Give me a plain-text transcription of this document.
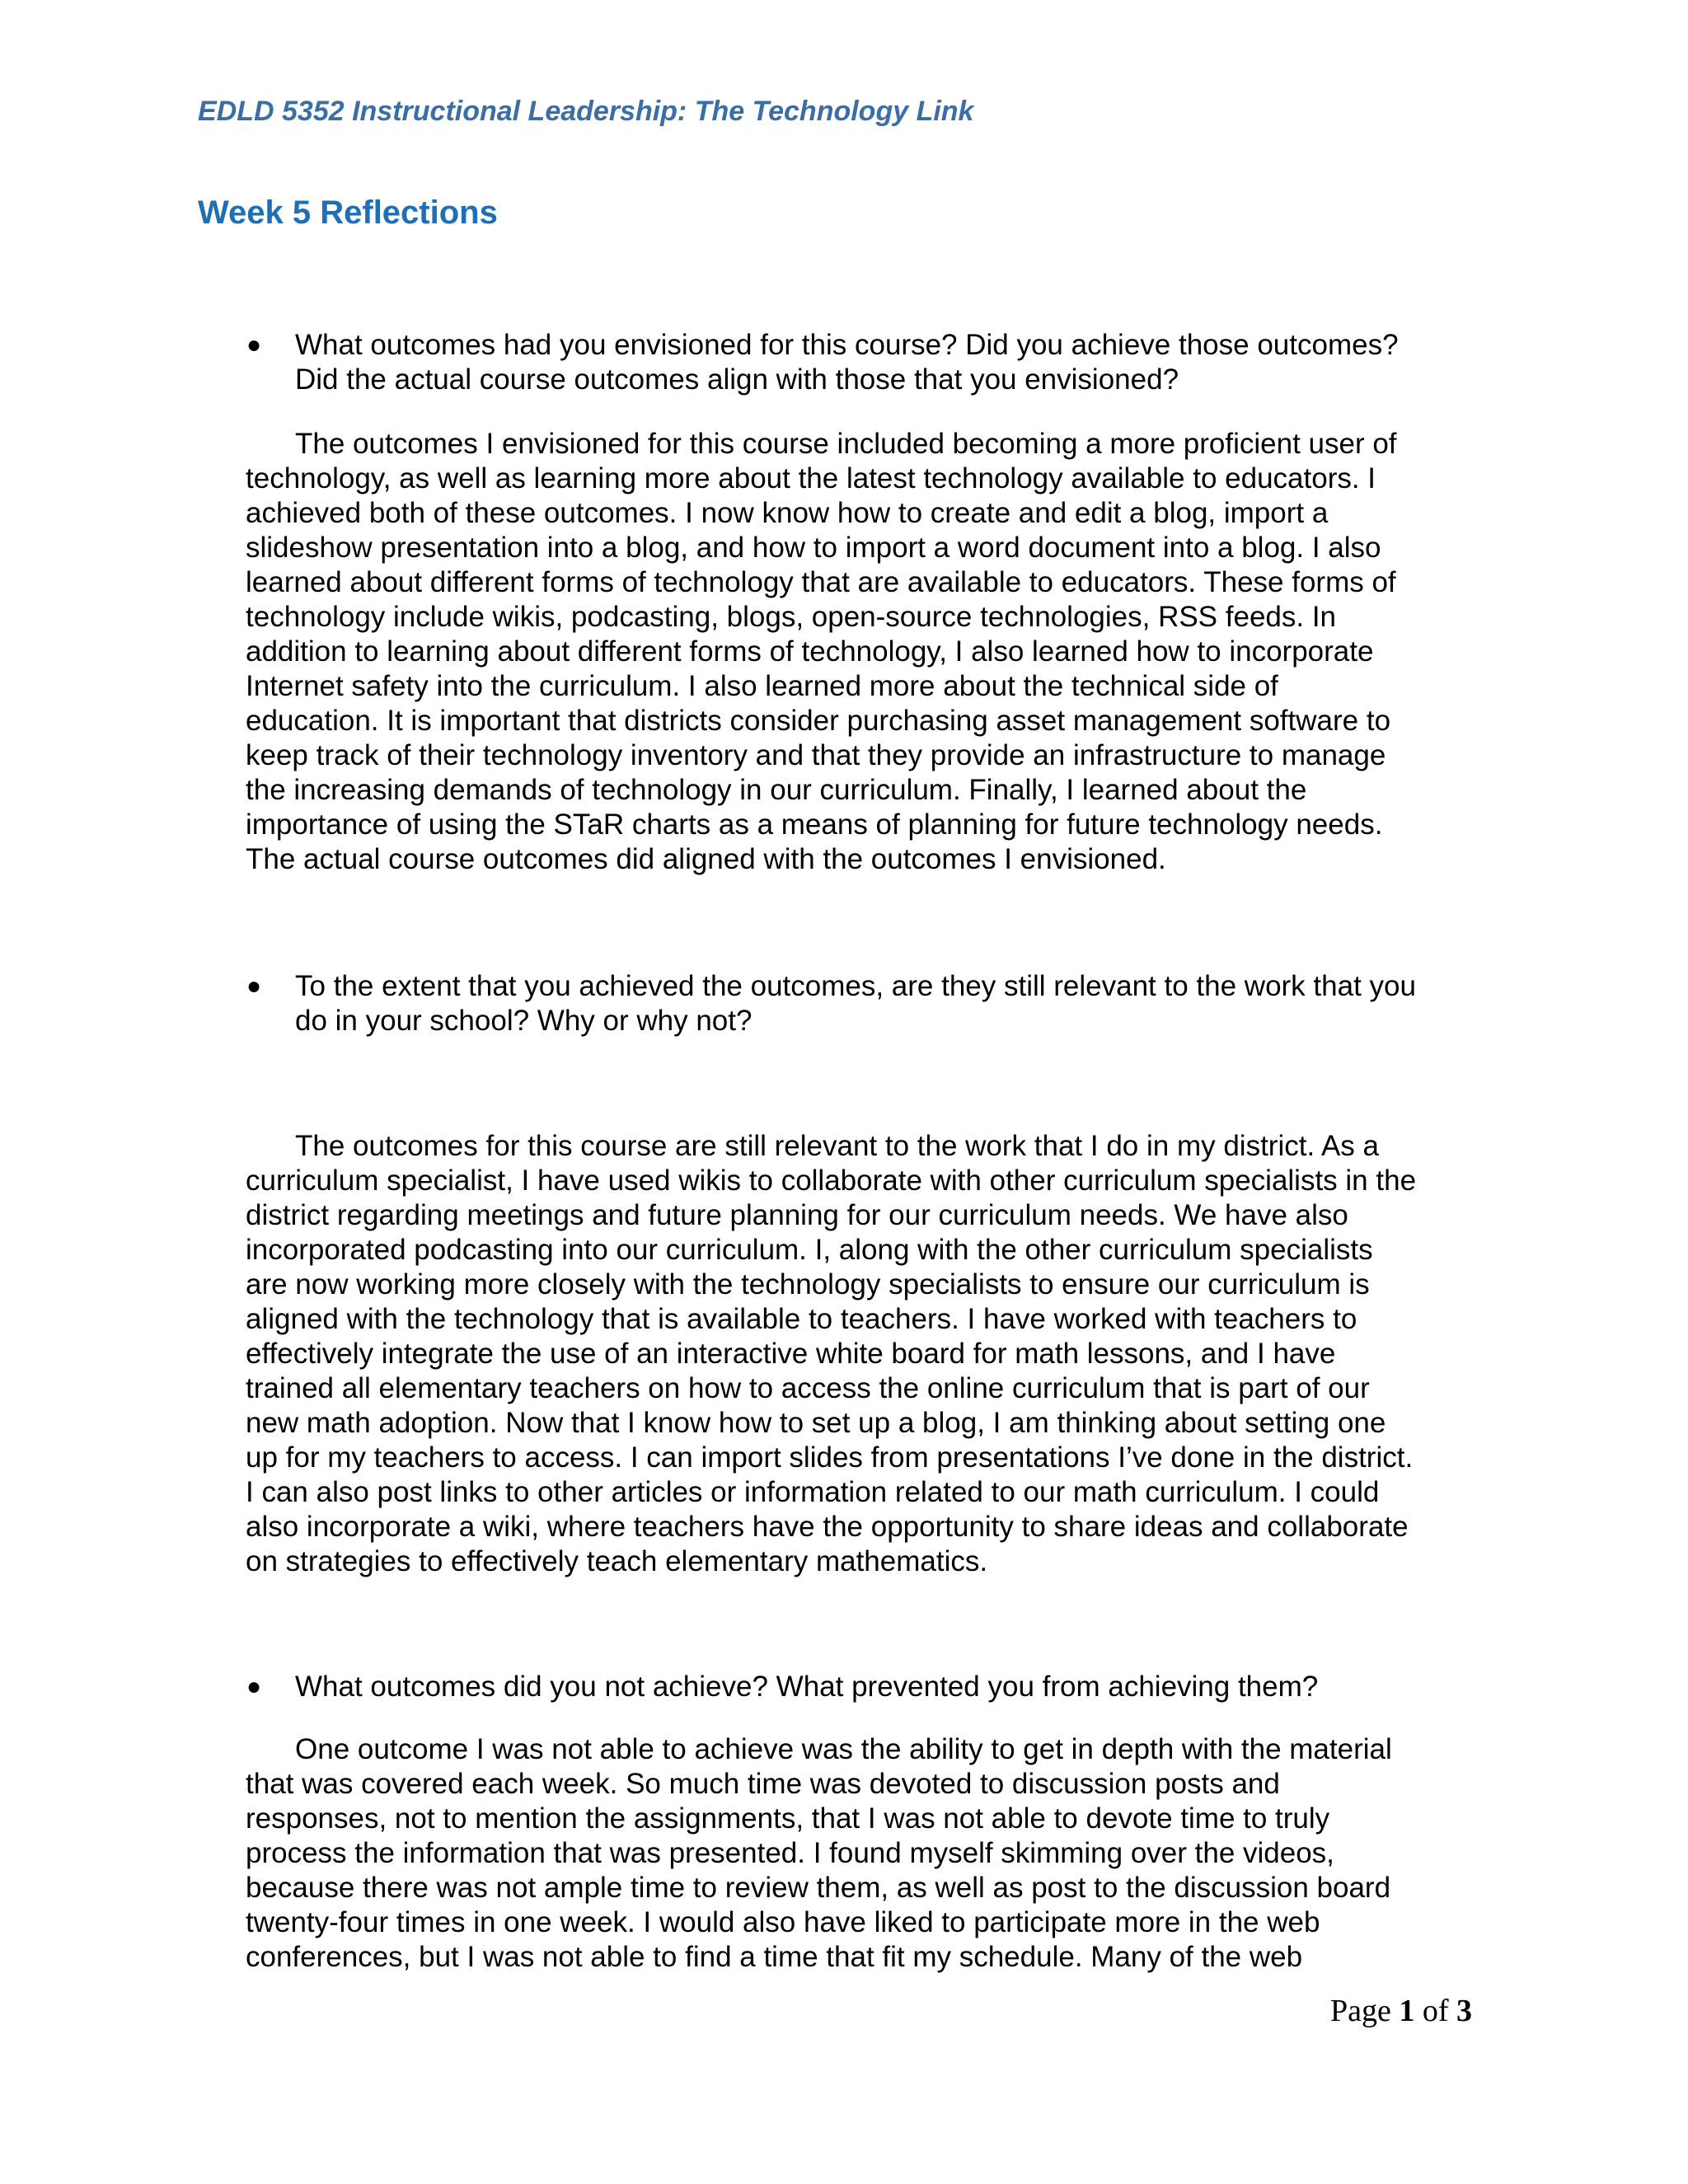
EDLD 5352 Instructional Leadership: The Technology Link
Week 5 Reflections
● What outcomes had you envisioned for this course? Did you achieve those outcomes?
Did the actual course outcomes align with those that you envisioned?
The outcomes I envisioned for this course included becoming a more proficient user of
technology, as well as learning more about the latest technology available to educators. I
achieved both of these outcomes. I now know how to create and edit a blog, import a
slideshow presentation into a blog, and how to import a word document into a blog. I also
learned about different forms of technology that are available to educators. These forms of
technology include wikis, podcasting, blogs, open-source technologies, RSS feeds. In
addition to learning about different forms of technology, I also learned how to incorporate
Internet safety into the curriculum. I also learned more about the technical side of
education. It is important that districts consider purchasing asset management software to
keep track of their technology inventory and that they provide an infrastructure to manage
the increasing demands of technology in our curriculum. Finally, I learned about the
importance of using the STaR charts as a means of planning for future technology needs.
The actual course outcomes did aligned with the outcomes I envisioned.
● To the extent that you achieved the outcomes, are they still relevant to the work that you
do in your school? Why or why not?
The outcomes for this course are still relevant to the work that I do in my district. As a
curriculum specialist, I have used wikis to collaborate with other curriculum specialists in the
district regarding meetings and future planning for our curriculum needs. We have also
incorporated podcasting into our curriculum. I, along with the other curriculum specialists
are now working more closely with the technology specialists to ensure our curriculum is
aligned with the technology that is available to teachers. I have worked with teachers to
effectively integrate the use of an interactive white board for math lessons, and I have
trained all elementary teachers on how to access the online curriculum that is part of our
new math adoption. Now that I know how to set up a blog, I am thinking about setting one
up for my teachers to access. I can import slides from presentations I’ve done in the district.
I can also post links to other articles or information related to our math curriculum. I could
also incorporate a wiki, where teachers have the opportunity to share ideas and collaborate
on strategies to effectively teach elementary mathematics.
● What outcomes did you not achieve? What prevented you from achieving them?
One outcome I was not able to achieve was the ability to get in depth with the material
that was covered each week. So much time was devoted to discussion posts and
responses, not to mention the assignments, that I was not able to devote time to truly
process the information that was presented. I found myself skimming over the videos,
because there was not ample time to review them, as well as post to the discussion board
twenty-four times in one week. I would also have liked to participate more in the web
conferences, but I was not able to find a time that fit my schedule. Many of the web
Page 1 of 3
